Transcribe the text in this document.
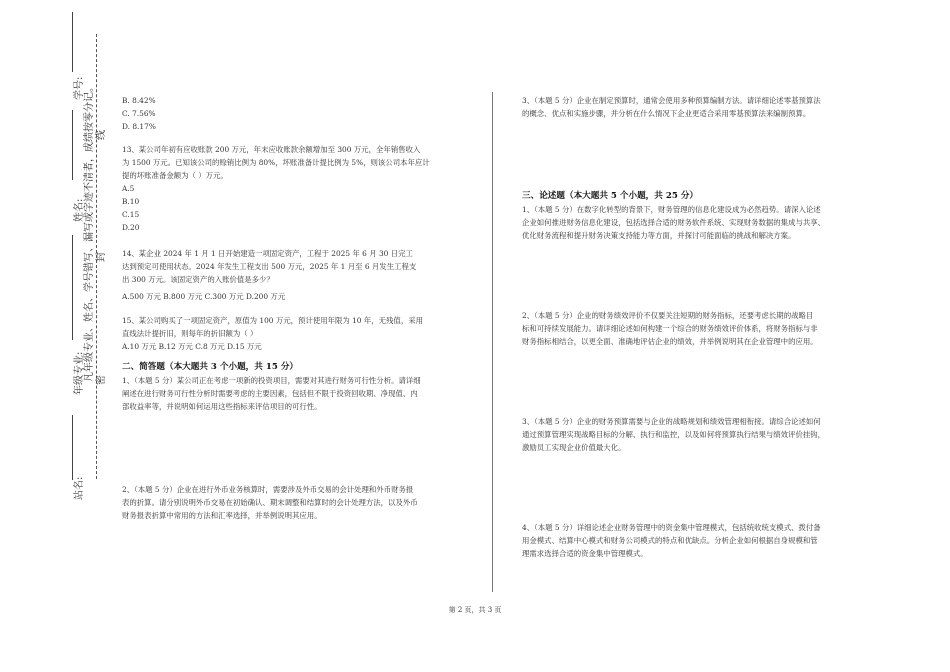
站名:
年级专业:
姓名:
学号: 凡年级专业、姓名、学号错写、漏写或字迹不清者，成绩按零分记。 密
封
线

B. 8.42%

C. 7.56%

D. 8.17%

13、某公司年初有应收账款 200 万元，年末应收账款余额增加至 300 万元，全年销售收入

为 1500 万元。已知该公司的赊销比例为 80%，坏账准备计提比例为 5%，则该公司本年应计

提的坏账准备金额为（ ）万元。

A.5

B.10

C.15

D.20

14、某企业 2024 年 1 月 1 日开始建造一项固定资产，工程于 2025 年 6 月 30 日完工

达到预定可使用状态。2024 年发生工程支出 500 万元，2025 年 1 月至 6 月发生工程支

出 300 万元。该固定资产的入账价值是多少？

A.500 万元 B.800 万元 C.300 万元 D.200 万元

15、某公司购买了一项固定资产，原值为 100 万元，预计使用年限为 10 年，无残值，采用

直线法计提折旧，则每年的折旧额为（ ）

A.10 万元 B.12 万元 C.8 万元 D.15 万元

二、简答题（本大题共 3 个小题，共 15 分）

1、（本题 5 分）某公司正在考虑一项新的投资项目，需要对其进行财务可行性分析。请详细

阐述在进行财务可行性分析时需要考虑的主要因素，包括但不限于投资回收期、净现值、内

部收益率等，并说明如何运用这些指标来评估项目的可行性。

2、（本题 5 分）企业在进行外币业务核算时，需要涉及外币交易的会计处理和外币财务报

表的折算。请分别说明外币交易在初始确认、期末调整和结算时的会计处理方法，以及外币

财务报表折算中常用的方法和汇率选择，并举例说明其应用。

3、（本题 5 分）企业在制定预算时，通常会使用多种预算编制方法。请详细论述零基预算法

的概念、优点和实施步骤，并分析在什么情况下企业更适合采用零基预算法来编制预算。

三、论述题（本大题共 5 个小题，共 25 分）

1、（本题 5 分）在数字化转型的背景下，财务管理的信息化建设成为必然趋势。请深入论述

企业如何推进财务信息化建设，包括选择合适的财务软件系统、实现财务数据的集成与共享、

优化财务流程和提升财务决策支持能力等方面，并探讨可能面临的挑战和解决方案。

2、（本题 5 分）企业的财务绩效评价不仅要关注短期的财务指标，还要考虑长期的战略目

标和可持续发展能力。请详细论述如何构建一个综合的财务绩效评价体系，将财务指标与非

财务指标相结合，以更全面、准确地评估企业的绩效，并举例说明其在企业管理中的应用。

3、（本题 5 分）企业的财务预算需要与企业的战略规划和绩效管理相衔接。请综合论述如何

通过预算管理实现战略目标的分解、执行和监控，以及如何将预算执行结果与绩效评价挂钩，

激励员工实现企业价值最大化。

4、（本题 5 分）详细论述企业财务管理中的资金集中管理模式，包括统收统支模式、拨付备

用金模式、结算中心模式和财务公司模式的特点和优缺点。分析企业如何根据自身规模和管

理需求选择合适的资金集中管理模式。

第 2 页，共 3 页
